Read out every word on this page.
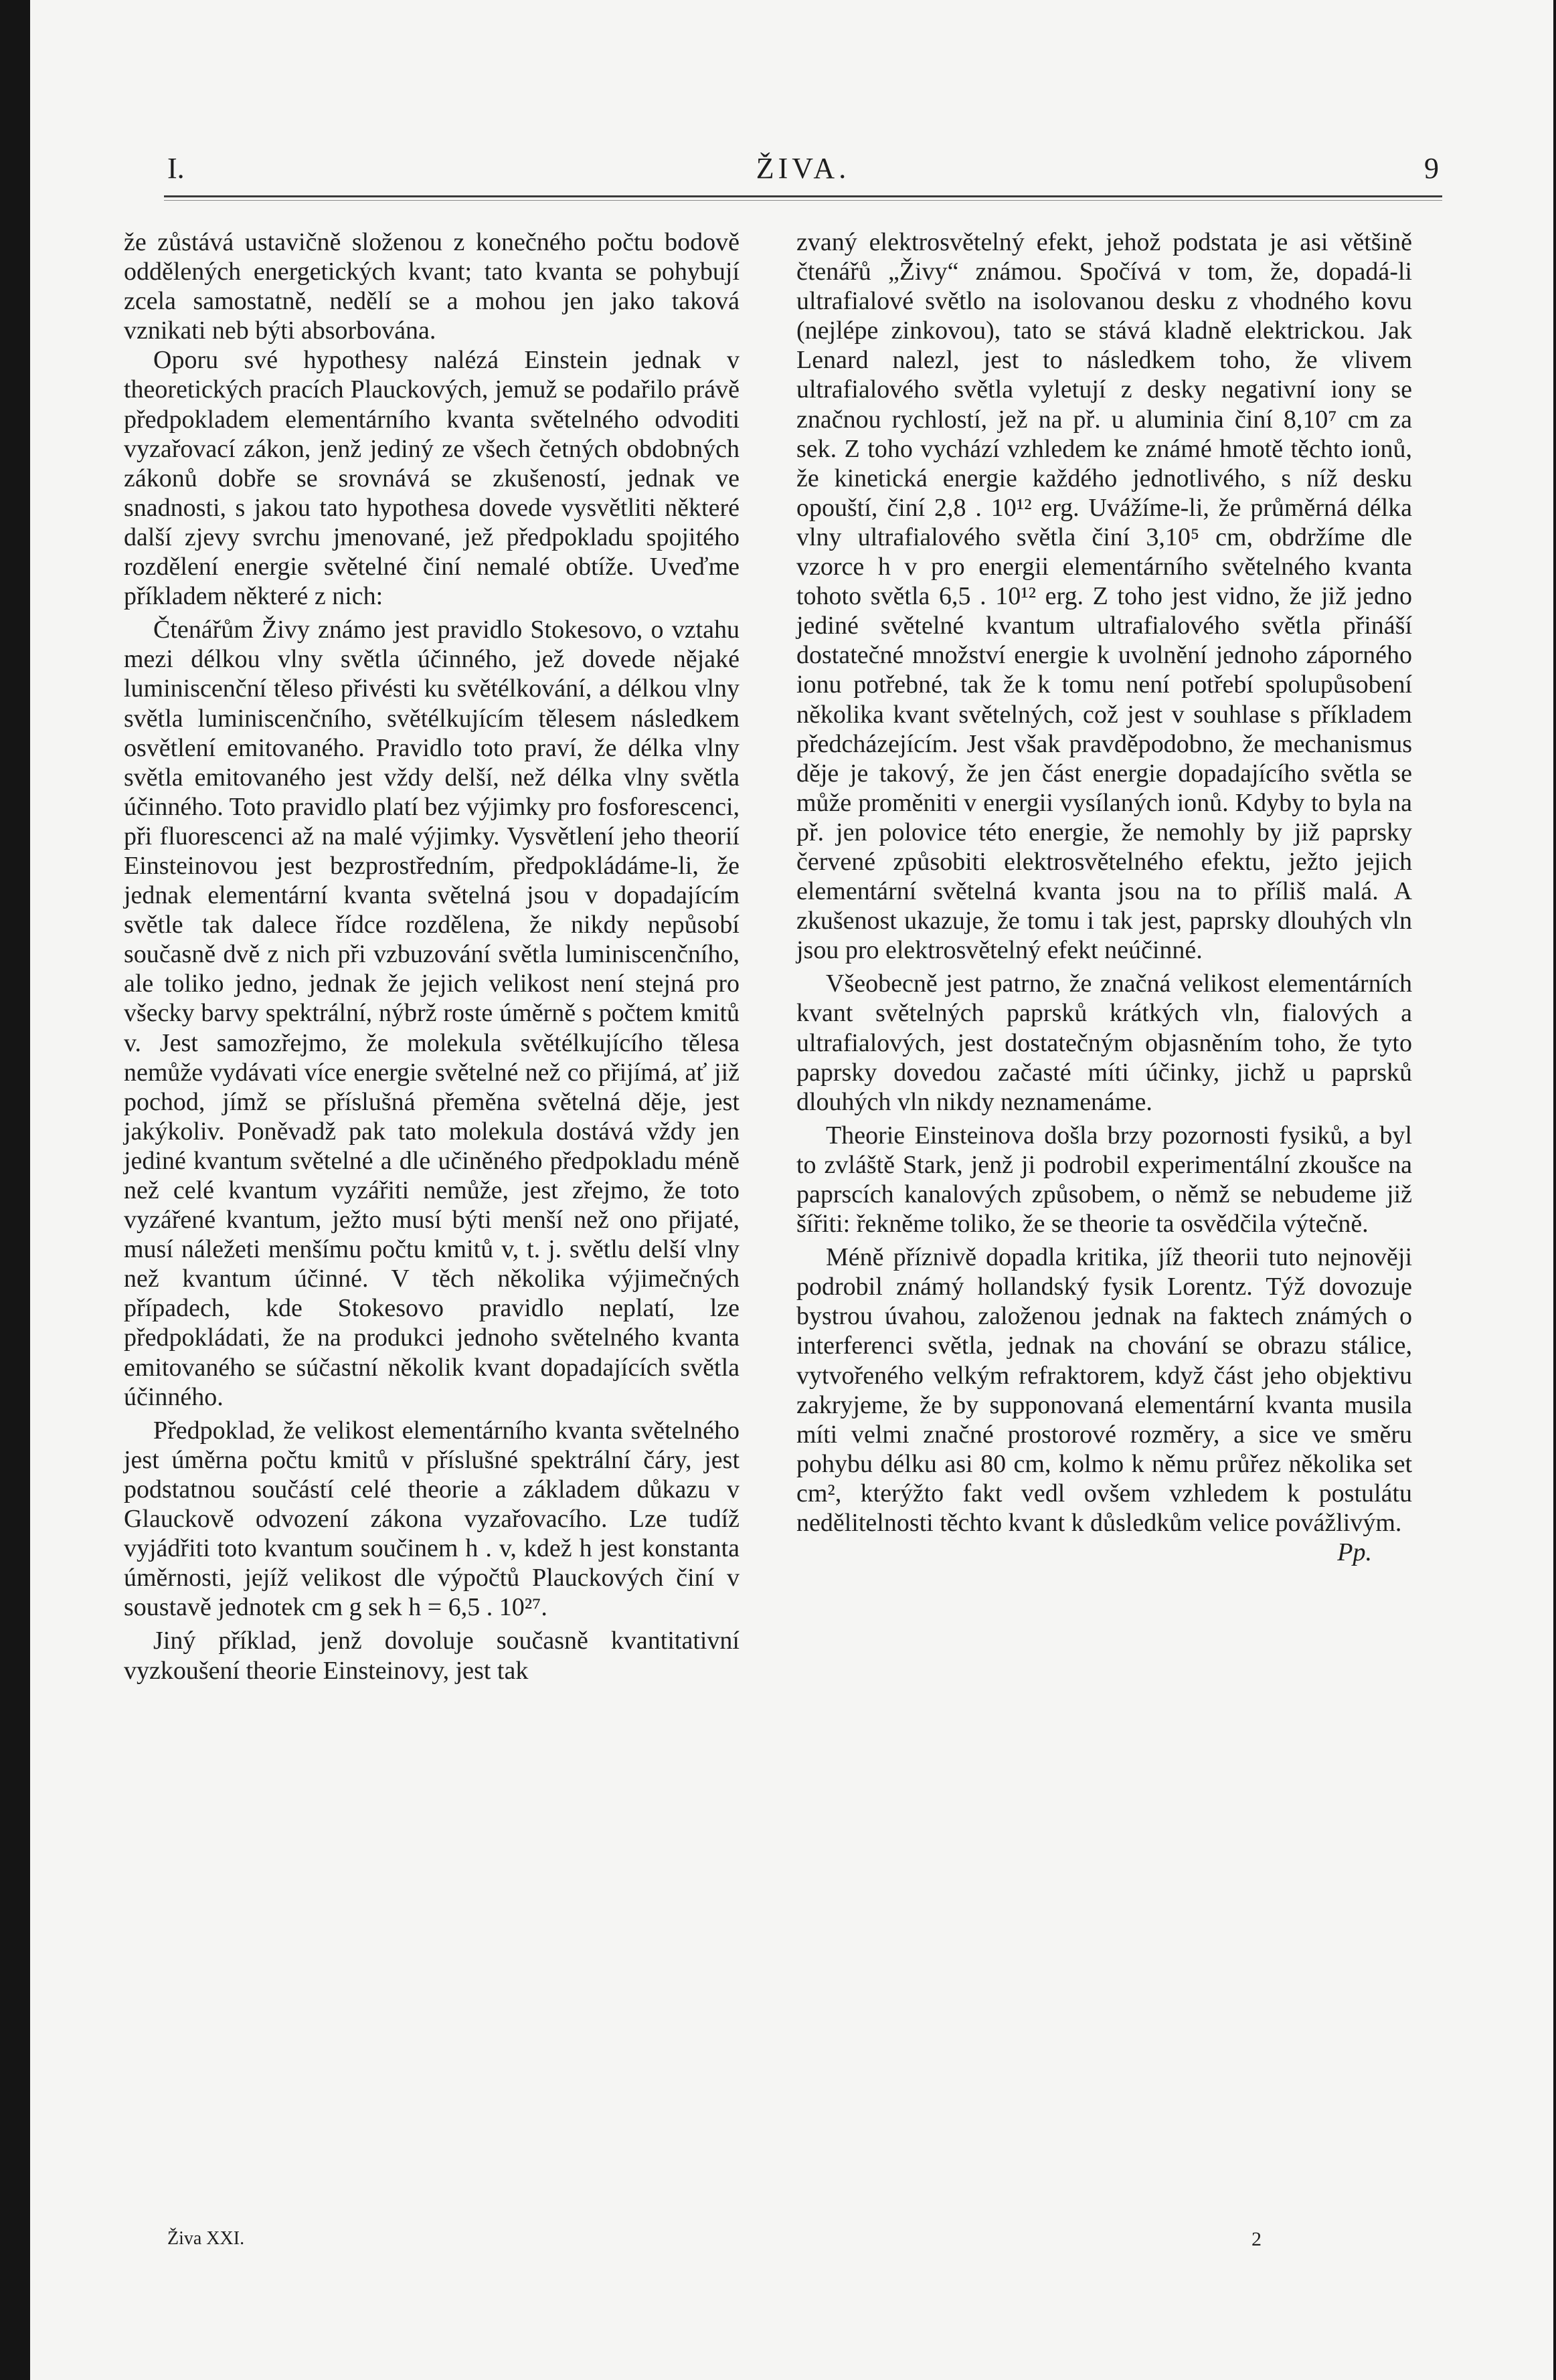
I.	ŽIVA.	9

že zůstává ustavičně složenou z konečného počtu bodově oddělených energetických kvant; tato kvanta se pohybují zcela samostatně, nedělí se a mohou jen jako taková vznikati neb býti absorbována.

Oporu své hypothesy nalézá Einstein jednak v theoretických pracích Plauckových, jemuž se podařilo právě předpokladem elementárního kvanta světelného odvoditi vyzařovací zákon, jenž jediný ze všech četných obdobných zákonů dobře se srovnává se zkušeností, jednak ve snadnosti, s jakou tato hypothesa dovede vysvětliti některé další zjevy svrchu jmenované, jež předpokladu spojitého rozdělení energie světelné činí nemalé obtíže. Uveďme příkladem některé z nich:

Čtenářům Živy známo jest pravidlo Stokesovo, o vztahu mezi délkou vlny světla účinného, jež dovede nějaké luminiscenční těleso přivésti ku světélkování, a délkou vlny světla luminiscenčního, světélkujícím tělesem následkem osvětlení emitovaného. Pravidlo toto praví, že délka vlny světla emitovaného jest vždy delší, než délka vlny světla účinného. Toto pravidlo platí bez výjimky pro fosforescenci, při fluorescenci až na malé výjimky. Vysvětlení jeho theorií Einsteinovou jest bezprostředním, předpokládáme-li, že jednak elementární kvanta světelná jsou v dopadajícím světle tak dalece řídce rozdělena, že nikdy nepůsobí současně dvě z nich při vzbuzování světla luminiscenčního, ale toliko jedno, jednak že jejich velikost není stejná pro všecky barvy spektrální, nýbrž roste úměrně s počtem kmitů v. Jest samozřejmo, že molekula světélkujícího tělesa nemůže vydávati více energie světelné než co přijímá, ať již pochod, jímž se příslušná přeměna světelná děje, jest jakýkoliv. Poněvadž pak tato molekula dostává vždy jen jediné kvantum světelné a dle učiněného předpokladu méně než celé kvantum vyzářiti nemůže, jest zřejmo, že toto vyzářené kvantum, ježto musí býti menší než ono přijaté, musí náležeti menšímu počtu kmitů v, t. j. světlu delší vlny než kvantum účinné. V těch několika výjimečných případech, kde Stokesovo pravidlo neplatí, lze předpokládati, že na produkci jednoho světelného kvanta emitovaného se súčastní několik kvant dopadajících světla účinného.

Předpoklad, že velikost elementárního kvanta světelného jest úměrna počtu kmitů v příslušné spektrální čáry, jest podstatnou součástí celé theorie a základem důkazu v Glauckově odvození zákona vyzařovacího. Lze tudíž vyjádřiti toto kvantum součinem h . v, kdež h jest konstanta úměrnosti, jejíž velikost dle výpočtů Plauckových činí v soustavě jednotek cm g sek h = 6,5 . 10²⁷.

Jiný příklad, jenž dovoluje současně kvantitativní vyzkoušení theorie Einsteinovy, jest tak

zvaný elektrosvětelný efekt, jehož podstata je asi většině čtenářů „Živy“ známou. Spočívá v tom, že, dopadá-li ultrafialové světlo na isolovanou desku z vhodného kovu (nejlépe zinkovou), tato se stává kladně elektrickou. Jak Lenard nalezl, jest to následkem toho, že vlivem ultrafialového světla vyletují z desky negativní iony se značnou rychlostí, jež na př. u aluminia činí 8,10⁷ cm za sek. Z toho vychází vzhledem ke známé hmotě těchto ionů, že kinetická energie každého jednotlivého, s níž desku opouští, činí 2,8 . 10¹² erg. Uvážíme-li, že průměrná délka vlny ultrafialového světla činí 3,10⁵ cm, obdržíme dle vzorce h v pro energii elementárního světelného kvanta tohoto světla 6,5 . 10¹² erg. Z toho jest vidno, že již jedno jediné světelné kvantum ultrafialového světla přináší dostatečné množství energie k uvolnění jednoho záporného ionu potřebné, tak že k tomu není potřebí spolupůsobení několika kvant světelných, což jest v souhlase s příkladem předcházejícím. Jest však pravděpodobno, že mechanismus děje je takový, že jen část energie dopadajícího světla se může proměniti v energii vysílaných ionů. Kdyby to byla na př. jen polovice této energie, že nemohly by již paprsky červené způsobiti elektrosvětelného efektu, ježto jejich elementární světelná kvanta jsou na to příliš malá. A zkušenost ukazuje, že tomu i tak jest, paprsky dlouhých vln jsou pro elektrosvětelný efekt neúčinné.

Všeobecně jest patrno, že značná velikost elementárních kvant světelných paprsků krátkých vln, fialových a ultrafialových, jest dostatečným objasněním toho, že tyto paprsky dovedou začasté míti účinky, jichž u paprsků dlouhých vln nikdy neznamenáme.

Theorie Einsteinova došla brzy pozornosti fysiků, a byl to zvláště Stark, jenž ji podrobil experimentální zkoušce na paprscích kanalových způsobem, o němž se nebudeme již šířiti: řekněme toliko, že se theorie ta osvědčila výtečně.

Méně příznivě dopadla kritika, jíž theorii tuto nejnověji podrobil známý hollandský fysik Lorentz. Týž dovozuje bystrou úvahou, založenou jednak na faktech známých o interferenci světla, jednak na chování se obrazu stálice, vytvořeného velkým refraktorem, když část jeho objektivu zakryjeme, že by supponovaná elementární kvanta musila míti velmi značné prostorové rozměry, a sice ve směru pohybu délku asi 80 cm, kolmo k němu průřez několika set cm², kterýžto fakt vedl ovšem vzhledem k postulátu nedělitelnosti těchto kvant k důsledkům velice povážlivým.

Pp.

Živa XXI.	2
